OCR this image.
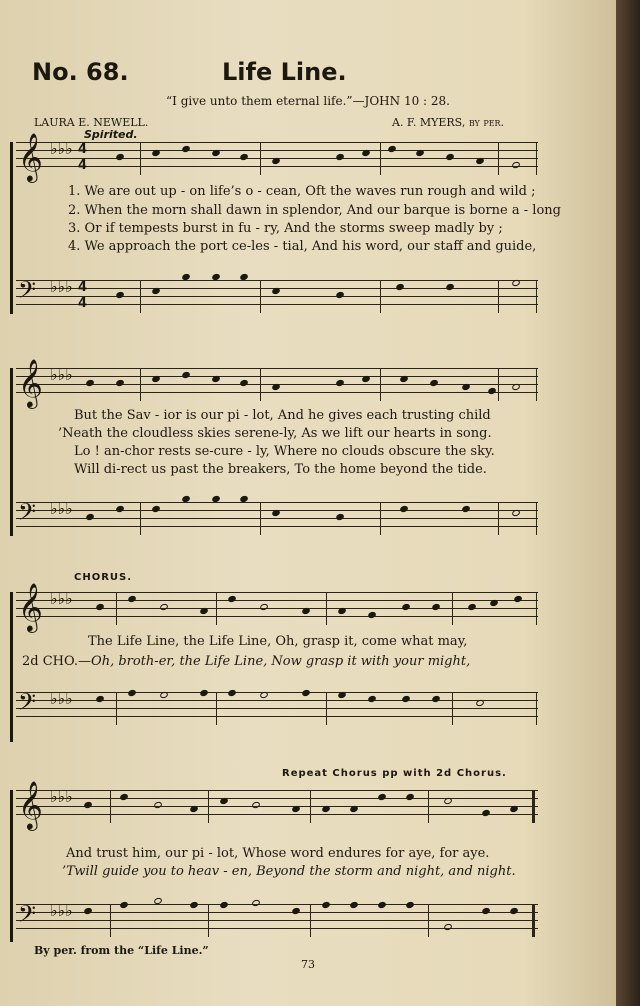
No. 68.	Life Line.
“I give unto them eternal life.”—JOHN 10 : 28.
LAURA E. NEWELL.	A. F. MYERS, by per.
Spirited.
𝄞 ♭♭♭ 4
4
1. We are out up - on life’s o - cean, Oft the waves run rough and wild ;
2. When the morn shall dawn in splendor, And our barque is borne a - long
3. Or if tempests burst in fu - ry, And the storms sweep madly by ;
4. We approach the port ce-les - tial, And his word, our staff and guide,
𝄢 ♭♭♭ 4
4
𝄞 ♭♭♭
But the Sav - ior is our pi - lot, And he gives each trusting child
’Neath the cloudless skies serene-ly, As we lift our hearts in song.
Lo ! an-chor rests se-cure - ly, Where no clouds obscure the sky.
Will di-rect us past the breakers, To the home beyond the tide.
𝄢 ♭♭♭
CHORUS.
𝄞 ♭♭♭
The Life Line, the Life Line, Oh, grasp it, come what may,
2d CHO.—Oh, broth-er, the Life Line, Now grasp it with your might,
𝄢 ♭♭♭
Repeat Chorus pp with 2d Chorus.
𝄞 ♭♭♭
And trust him, our pi - lot, Whose word endures for aye, for aye.
’Twill guide you to heav - en, Beyond the storm and night, and night.
𝄢 ♭♭♭
By per. from the “Life Line.”
73
